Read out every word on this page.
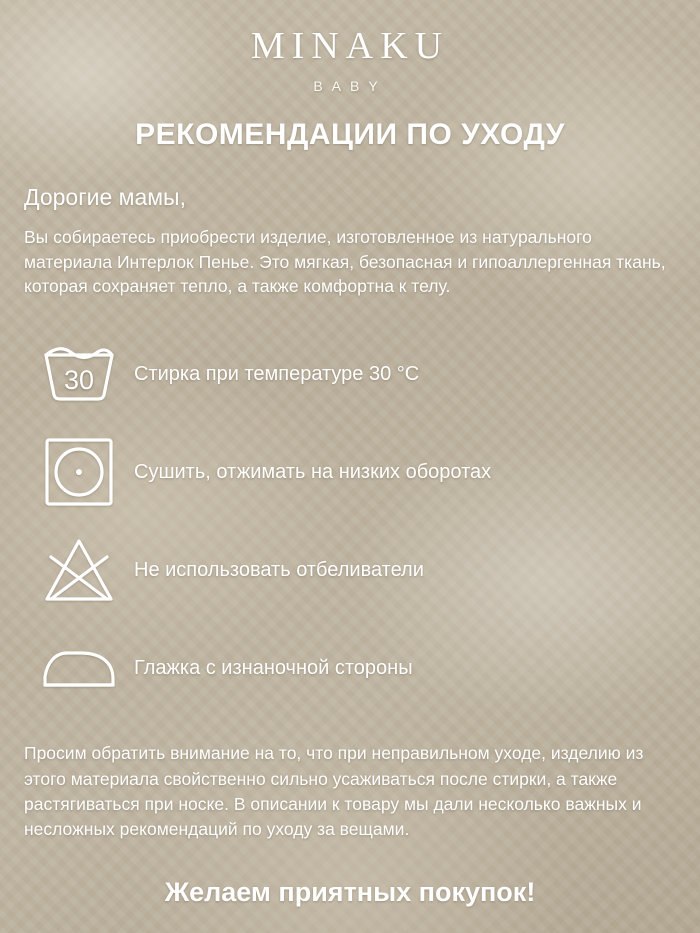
MINAKU
BABY
РЕКОМЕНДАЦИИ ПО УХОДУ
Дорогие мамы,
Вы собираетесь приобрести изделие, изготовленное из натурального материала Интерлок Пенье. Это мягкая, безопасная и гипоаллергенная ткань, которая сохраняет тепло, а также комфортна к телу.
30 Стирка при температуре 30 °C
Сушить, отжимать на низких оборотах
Не использовать отбеливатели
Глажка с изнаночной стороны
Просим обратить внимание на то, что при неправильном уходе, изделию из этого материала свойственно сильно усаживаться после стирки, а также растягиваться при носке. В описании к товару мы дали несколько важных и несложных рекомендаций по уходу за вещами.
Желаем приятных покупок!
